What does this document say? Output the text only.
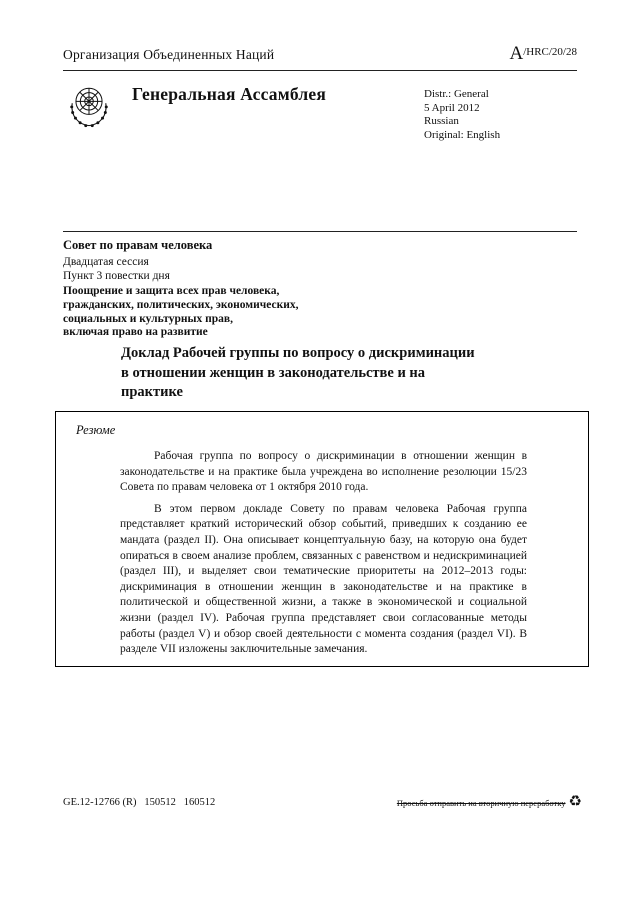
Организация Объединенных Наций	A /HRC/20/28
Генеральная Ассамблея	Distr.: General
5 April 2012
Russian
Original: English
Совет по правам человека
Двадцатая сессия
Пункт 3 повестки дня
Поощрение и защита всех прав человека,
гражданских, политических, экономических,
социальных и культурных прав,
включая право на развитие
Доклад Рабочей группы по вопросу о дискриминации
в отношении женщин в законодательстве и на
практике
Резюме

Рабочая группа по вопросу о дискриминации в отношении женщин в законодательстве и на практике была учреждена во исполнение резолюции 15/23 Совета по правам человека от 1 октября 2010 года.

В этом первом докладе Совету по правам человека Рабочая группа представляет краткий исторический обзор событий, приведших к созданию ее мандата (раздел II). Она описывает концептуальную базу, на которую она будет опираться в своем анализе проблем, связанных с равенством и недискриминацией (раздел III), и выделяет свои тематические приоритеты на 2012–2013 годы: дискриминация в отношении женщин в законодательстве и на практике в политической и общественной жизни, а также в экономической и социальной жизни (раздел IV). Рабочая группа представляет свои согласованные методы работы (раздел V) и обзор своей деятельности с момента создания (раздел VI). В разделе VII изложены заключительные замечания.

GE.12-12766 (R)   150512   160512	Просьба отправить на вторичную переработку ♻
